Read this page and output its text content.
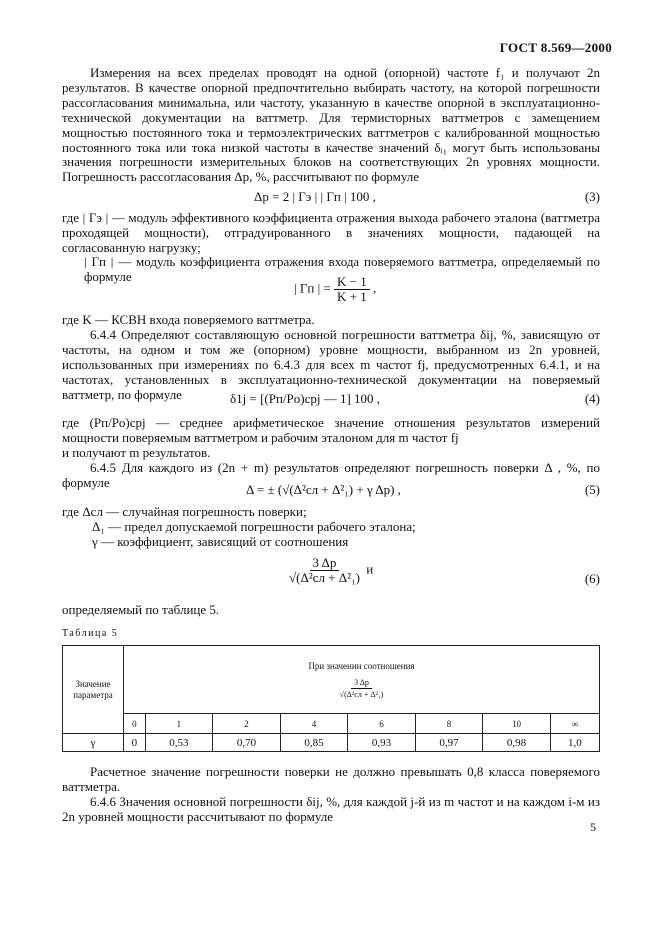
ГОСТ 8.569—2000

Измерения на всех пределах проводят на одной (опорной) частоте f₁ и получают 2n результатов. В качестве опорной предпочтительно выбирать частоту, на которой погрешности рассогласования минимальна, или частоту, указанную в качестве опорной в эксплуатационно-технической документации на ваттметр. Для термисторных ваттметров с замещением мощностью постоянного тока и термоэлектрических ваттметров с калиброванной мощностью постоянного тока или тока низкой частоты в качестве значений δᵢ₁ могут быть использованы значения погрешности измерительных блоков на соответствующих 2n уровнях мощности. Погрешность рассогласования Δp, %, рассчитывают по формуле

Δp = 2 | Гэ | | Гп | 100 ,	(3)

где | Гэ | — модуль эффективного коэффициента отражения выхода рабочего эталона (ваттметра проходящей мощности), отградуированного в значениях мощности, падающей на согласованную нагрузку;

| Гп | — модуль коэффициента отражения входа поверяемого ваттметра, определяемый по формуле

| Гп | = $\frac{K - 1}{K + 1}$ ,

где K — КСВН входа поверяемого ваттметра.

6.4.4 Определяют составляющую основной погрешности ваттметра δij, %, зависящую от частоты, на одном и том же (опорном) уровне мощности, выбранном из 2n уровней, использованных при измерениях по 6.4.3 для всех m частот fj, предусмотренных 6.4.1, и на частотах, установленных в эксплуатационно-технической документации на поверяемый ваттметр, по формуле	δ1j = [(Pп/Pо)срj — 1] 100 ,	(4)

где (Pп/Pо)срj — среднее арифметическое значение отношения результатов измерений мощности поверяемым ваттметром и рабочим эталоном для m частот fj

и получают m результатов.

6.4.5 Для каждого из (2n + m) результатов определяют погрешность поверки Δ , %, по формуле	Δ = ± (√(Δ²сл + Δ²₁) + γ Δp) ,	(5)

где Δсл — случайная погрешность поверки;

Δ₁ — предел допускаемой погрешности рабочего эталона;

γ — коэффициент, зависящий от соотношения

$\frac{3 \Delta p}{\text{√(Δ²сл + Δ²₁)}}$ и
(6)

определяемый по таблице 5.

Таблица 5
Значение параметра	При значении соотношения
$\frac{3 \Delta p}{\text{√(Δ²сл + Δ²₁)}}$

	0	1	2	4	6	8	10	∞
γ	0	0,53	0,70	0,85	0,93	0,97	0,98	1,0

Расчетное значение погрешности поверки не должно превышать 0,8 класса поверяемого ваттметра.

6.4.6 Значения основной погрешности δij, %, для каждой j-й из m частот и на каждом i-м из 2n уровней мощности рассчитывают по формуле

5
